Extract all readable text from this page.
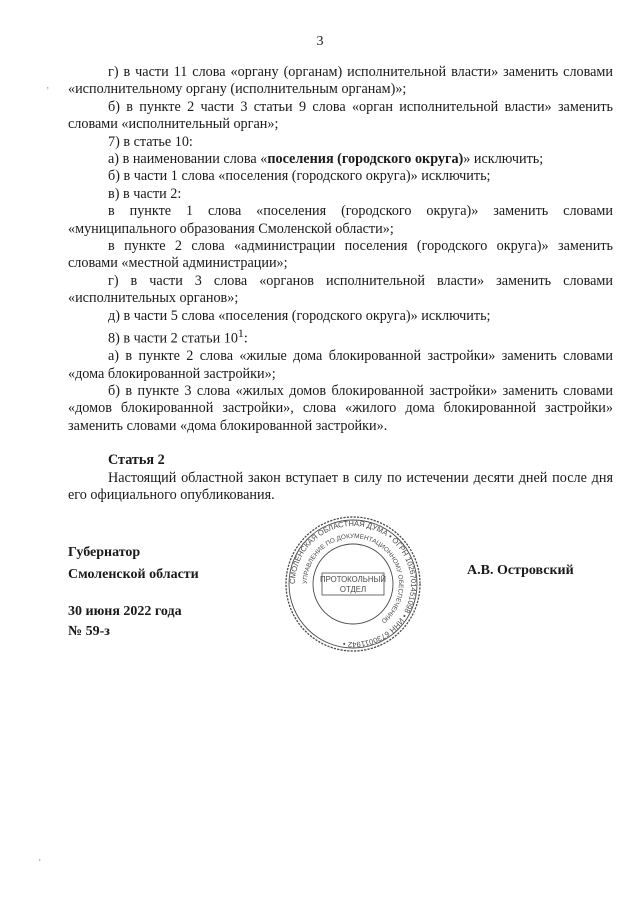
3

г) в части 11 слова «органу (органам) исполнительной власти» заменить словами «исполнительному органу (исполнительным органам)»;

б) в пункте 2 части 3 статьи 9 слова «орган исполнительной власти» заменить словами «исполнительный орган»;

7) в статье 10:

а) в наименовании слова «поселения (городского округа)» исключить;

б) в части 1 слова «поселения (городского округа)» исключить;

в) в части 2:

в пункте 1 слова «поселения (городского округа)» заменить словами «муниципального образования Смоленской области»;

в пункте 2 слова «администрации поселения (городского округа)» заменить словами «местной администрации»;

г) в части 3 слова «органов исполнительной власти» заменить словами «исполнительных органов»;

д) в части 5 слова «поселения (городского округа)» исключить;

8) в части 2 статьи $10^1$:

а) в пункте 2 слова «жилые дома блокированной застройки» заменить словами «дома блокированной застройки»;

б) в пункте 3 слова «жилых домов блокированной застройки» заменить словами «домов блокированной застройки», слова «жилого дома блокированной застройки» заменить словами «дома блокированной застройки».

Статья 2

Настоящий областной закон вступает в силу по истечении десяти дней после дня его официального опубликования.

Губернатор
Смоленской области
30 июня 2022 года
№ 59-з
А.В. Островский
СМОЛЕНСКАЯ ОБЛАСТНАЯ ДУМА • ОГРН 1026701451098 • ИНН 6730011942 •
УПРАВЛЕНИЕ ПО ДОКУМЕНТАЦИОННОМУ ОБЕСПЕЧЕНИЮ
ПРОТОКОЛЬНЫЙ
ОТДЕЛ
ʼ
ʼ
